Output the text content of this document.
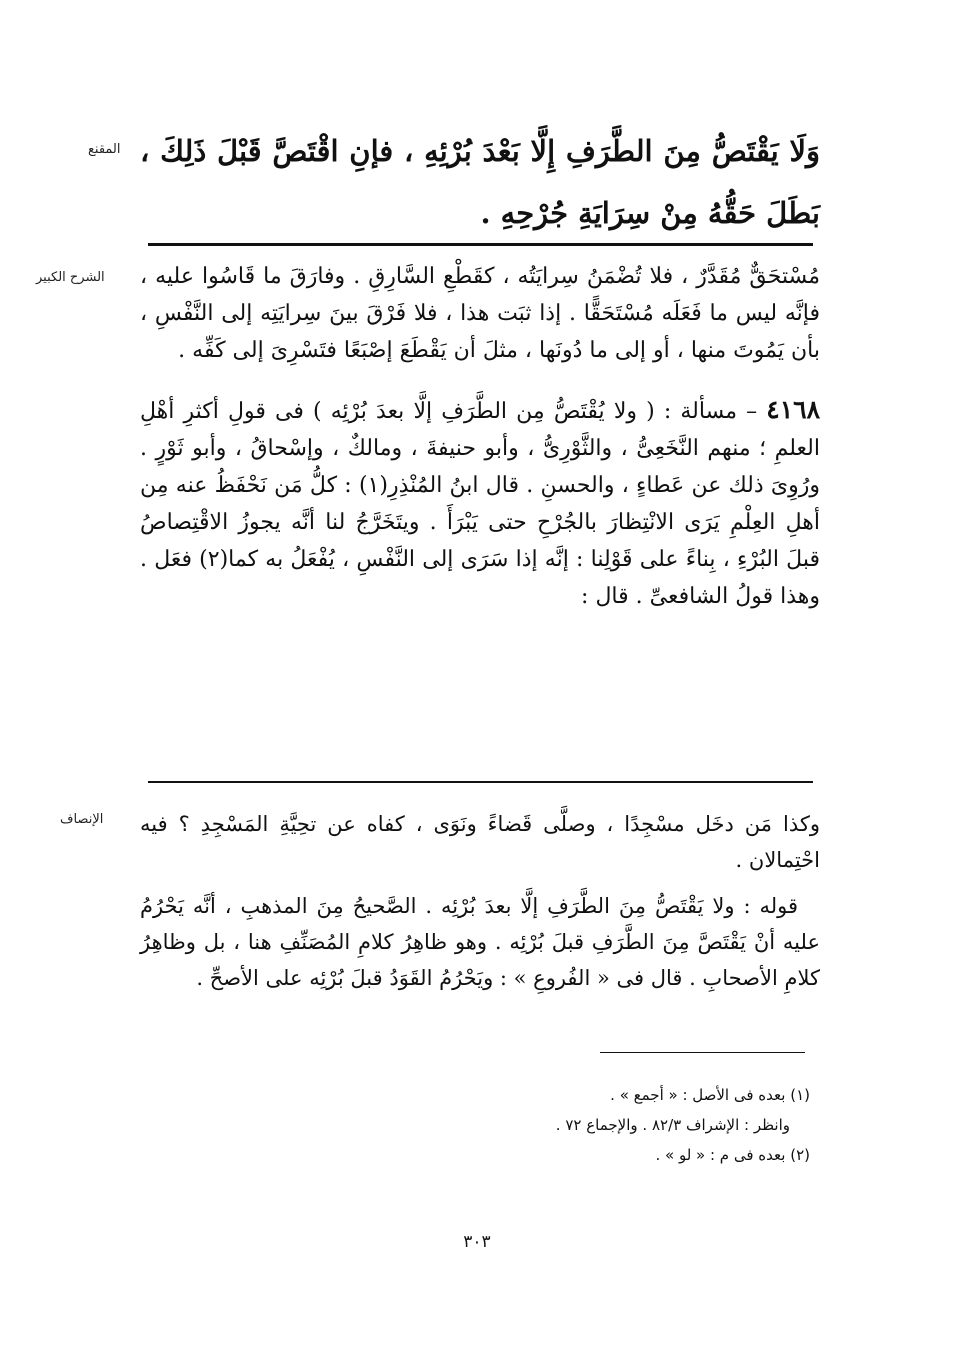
المقنع وَلَا يَقْتَصُّ مِنَ الطَّرَفِ إِلَّا بَعْدَ بُرْئِهِ ، فإنِ اقْتَصَّ قَبْلَ ذَلِكَ ، بَطَلَ حَقُّهُ مِنْ سِرَايَةِ جُرْحِهِ .

الشرح الكبير مُسْتحَقٌّ مُقَدَّرٌ ، فلا تُضْمَنُ سِرايَتُه ، كقَطْعِ السَّارِقِ . وفارَقَ ما قَاسُوا عليه ، فإنَّه ليس ما فَعَلَه مُسْتَحَقًّا . إذا ثبَت هذا ، فلا فَرْقَ بينَ سِرايَتِه إلى النَّفْسِ ، بأن يَمُوتَ منها ، أو إلى ما دُونَها ، مثلَ أن يَقْطَعَ إصْبَعًا فتَسْرِىَ إلى كَفِّه .

٤١٦٨ – مسألة : ( ولا يُقْتَصُّ مِن الطَّرَفِ إلَّا بعدَ بُرْئِه ) فى قولِ أكثرِ أهْلِ العلمِ ؛ منهم النَّخَعِىُّ ، والثَّوْرِىُّ ، وأبو حنيفةَ ، ومالكٌ ، وإسْحاقُ ، وأبو ثَوْرٍ . ورُوِىَ ذلك عن عَطاءٍ ، والحسنِ . قال ابنُ المُنْذِرِ(١) : كلُّ مَن نَحْفَظُ عنه مِن أهلِ العِلْمِ يَرَى الانْتِظارَ بالجُرْحِ حتى يَبْرَأَ . ويتَخَرَّجُ لنا أنَّه يجوزُ الاقْتِصاصُ قبلَ البُرْءِ ، بِناءً على قَوْلِنا : إنَّه إذا سَرَى إلى النَّفْسِ ، يُفْعَلُ به كما(٢) فعَل . وهذا قولُ الشافعىِّ . قال :

الإنصاف وكذا مَن دخَل مسْجِدًا ، وصلَّى قَضاءً ونَوَى ، كفاه عن تحِيَّةِ المَسْجِدِ ؟ فيه احْتِمالان .

قوله : ولا يَقْتَصُّ مِنَ الطَّرَفِ إلَّا بعدَ بُرْئِه . الصَّحيحُ مِنَ المذهبِ ، أنَّه يَحْرُمُ عليه أنْ يَقْتَصَّ مِنَ الطَّرَفِ قبلَ بُرْئِه . وهو ظاهِرُ كلامِ المُصَنِّفِ هنا ، بل وظاهِرُ كلامِ الأصحابِ . قال فى « الفُروعِ » : ويَحْرُمُ القَوَدُ قبلَ بُرْئِه على الأصحِّ .

(١) بعده فى الأصل : « أجمع » .

وانظر : الإشراف ٨٢/٣ . والإجماع ٧٢ .

(٢) بعده فى م : « لو » .

٣٠٣
